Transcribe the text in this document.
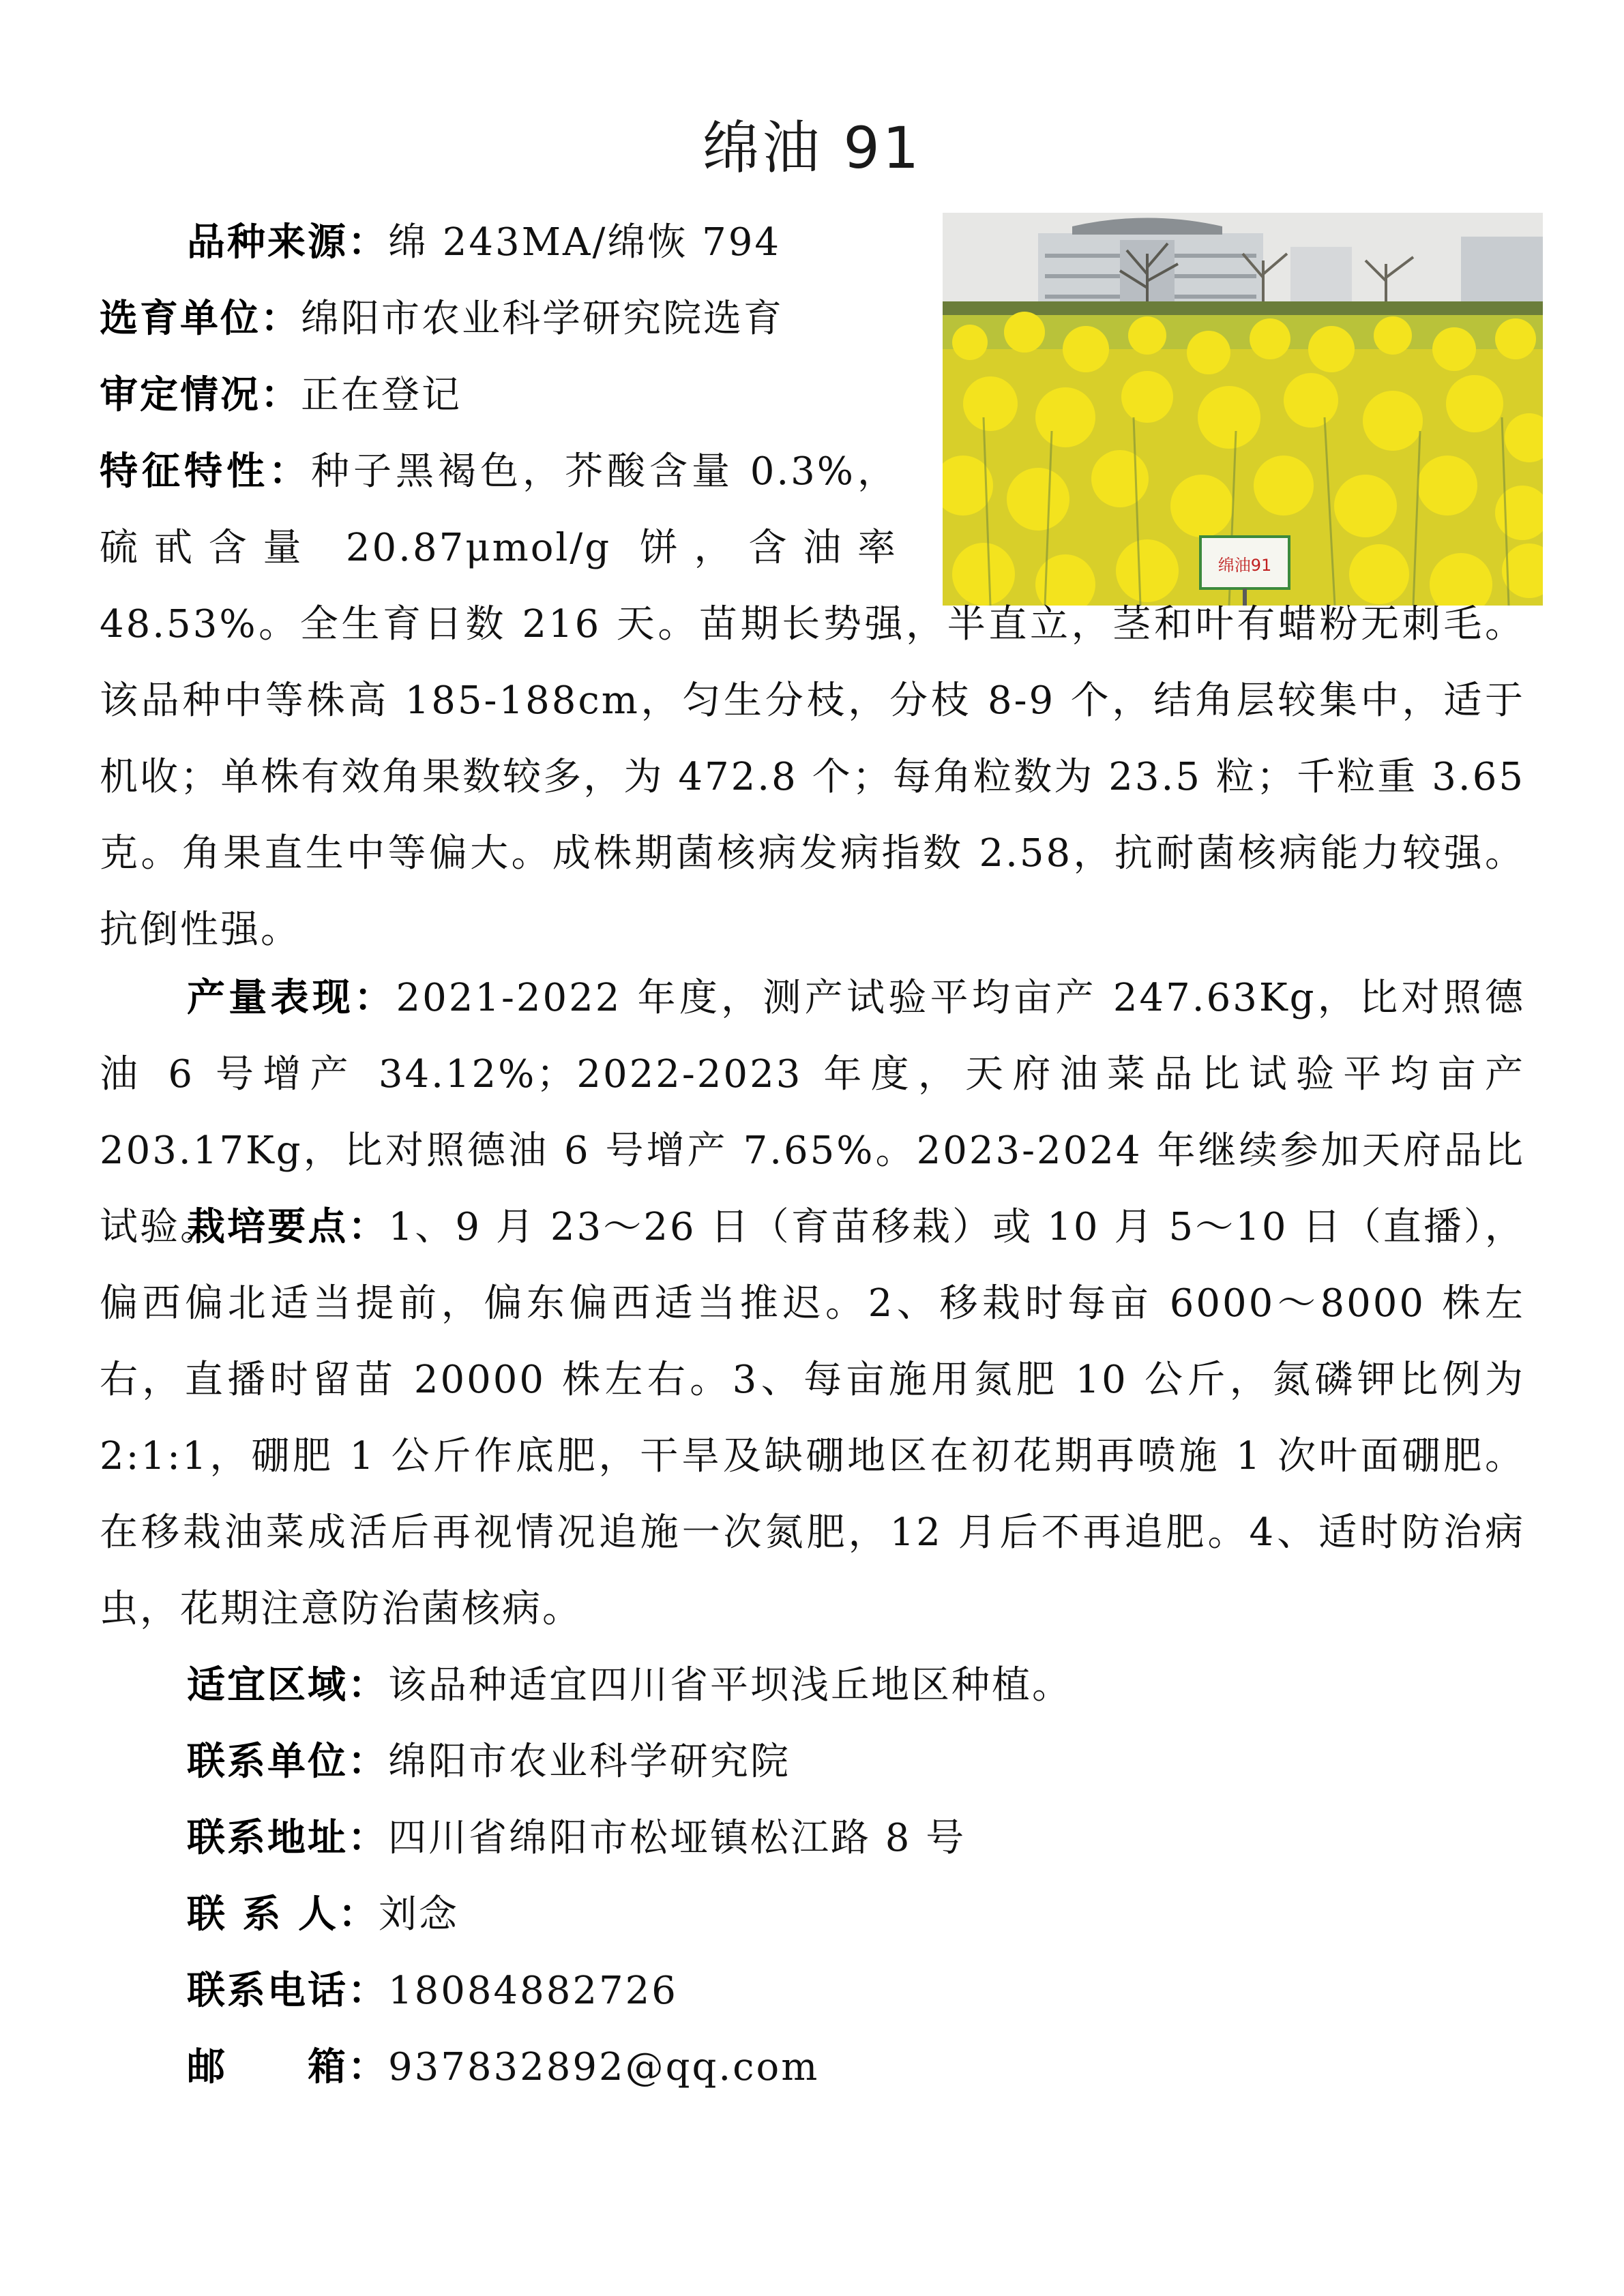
绵油 91
绵油91
品种来源：绵 243MA/绵恢 794
选育单位：绵阳市农业科学研究院选育
审定情况：正在登记
特征特性：种子黑褐色，芥酸含量 0.3%，硫甙含量 20.87μmol/g 饼，含油率 48.53%。全生育日数 216 天。苗期长势强，半直立，茎和叶有蜡粉无刺毛。该品种中等株高 185-188cm，匀生分枝，分枝 8-9 个，结角层较集中，适于机收；单株有效角果数较多，为 472.8 个；每角粒数为 23.5 粒；千粒重 3.65 克。角果直生中等偏大。成株期菌核病发病指数 2.58，抗耐菌核病能力较强。抗倒性强。

产量表现：2021-2022 年度，测产试验平均亩产 247.63Kg，比对照德油 6 号增产 34.12%；2022-2023 年度，天府油菜品比试验平均亩产 203.17Kg，比对照德油 6 号增产 7.65%。2023-2024 年继续参加天府品比试验。

栽培要点：1、9 月 23～26 日（育苗移栽）或 10 月 5～10 日（直播），偏西偏北适当提前，偏东偏西适当推迟。2、移栽时每亩 6000～8000 株左右，直播时留苗 20000 株左右。3、每亩施用氮肥 10 公斤，氮磷钾比例为 2:1:1，硼肥 1 公斤作底肥，干旱及缺硼地区在初花期再喷施 1 次叶面硼肥。在移栽油菜成活后再视情况追施一次氮肥，12 月后不再追肥。4、适时防治病虫，花期注意防治菌核病。

适宜区域：该品种适宜四川省平坝浅丘地区种植。
联系单位：绵阳市农业科学研究院
联系地址：四川省绵阳市松垭镇松江路 8 号
联 系 人：刘念
联系电话：18084882726
邮　　箱：937832892@qq.com
